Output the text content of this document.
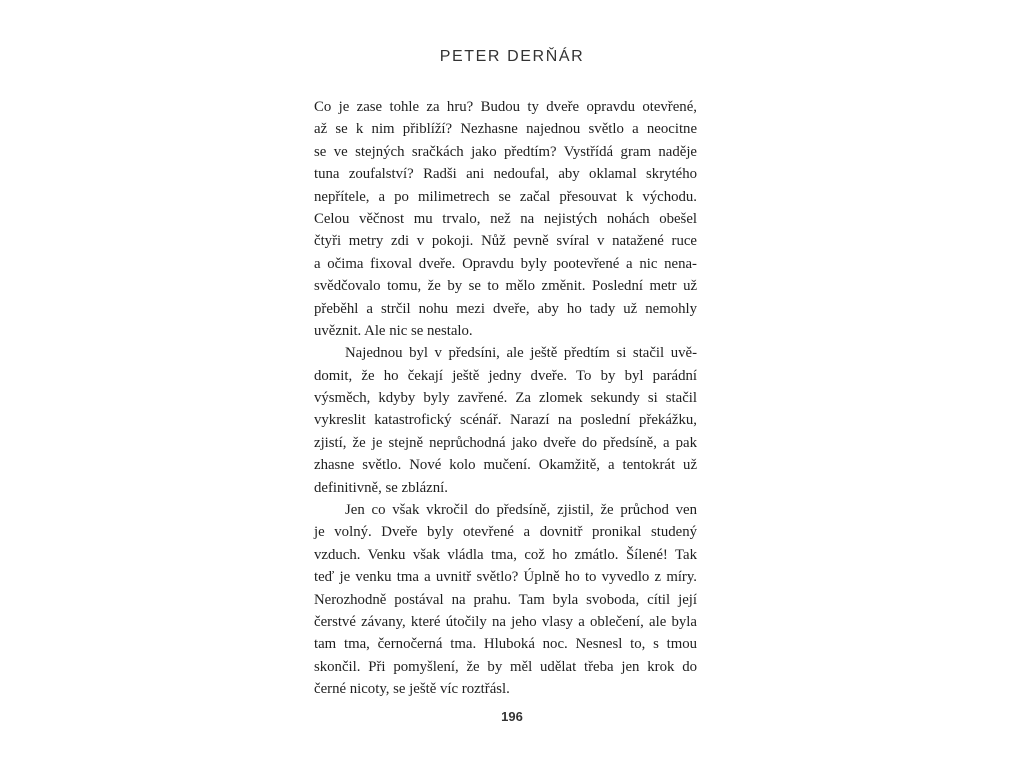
PETER DERŇÁR
Co je zase tohle za hru? Budou ty dveře opravdu otevřené,
až se k nim přiblíží? Nezhasne najednou světlo a neocitne
se ve stejných sračkách jako předtím? Vystřídá gram naděje
tuna zoufalství? Radši ani nedoufal, aby oklamal skrytého
nepřítele, a po milimetrech se začal přesouvat k východu.
Celou věčnost mu trvalo, než na nejistých nohách obešel
čtyři metry zdi v pokoji. Nůž pevně svíral v natažené ruce
a očima fixoval dveře. Opravdu byly pootevřené a nic nena-
svědčovalo tomu, že by se to mělo změnit. Poslední metr už
přeběhl a strčil nohu mezi dveře, aby ho tady už nemohly
uvěznit. Ale nic se nestalo.
Najednou byl v předsíni, ale ještě předtím si stačil uvě-
domit, že ho čekají ještě jedny dveře. To by byl parádní
výsměch, kdyby byly zavřené. Za zlomek sekundy si stačil
vykreslit katastrofický scénář. Narazí na poslední překážku,
zjistí, že je stejně neprůchodná jako dveře do předsíně, a pak
zhasne světlo. Nové kolo mučení. Okamžitě, a tentokrát už
definitivně, se zblázní.
Jen co však vkročil do předsíně, zjistil, že průchod ven
je volný. Dveře byly otevřené a dovnitř pronikal studený
vzduch. Venku však vládla tma, což ho zmátlo. Šílené! Tak
teď je venku tma a uvnitř světlo? Úplně ho to vyvedlo z míry.
Nerozhodně postával na prahu. Tam byla svoboda, cítil její
čerstvé závany, které útočily na jeho vlasy a oblečení, ale byla
tam tma, černočerná tma. Hluboká noc. Nesnesl to, s tmou
skončil. Při pomyšlení, že by měl udělat třeba jen krok do
černé nicoty, se ještě víc roztřásl.
196
